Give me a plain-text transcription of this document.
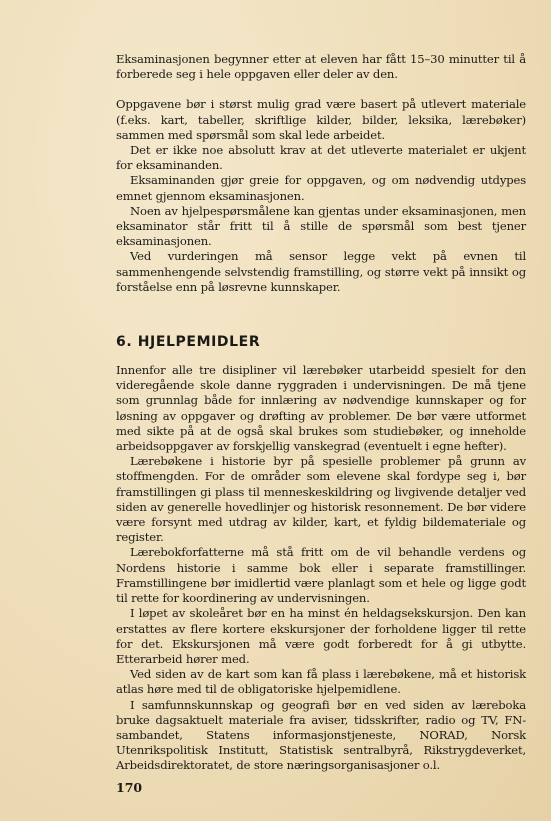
Eksaminasjonen begynner etter at eleven har fått 15–30 minutter til å forberede seg i hele oppgaven eller deler av den.

Oppgavene bør i størst mulig grad være basert på utlevert materiale (f.eks. kart, tabeller, skriftlige kilder, bilder, leksika, lærebøker) sammen med spørsmål som skal lede arbeidet.

Det er ikke noe absolutt krav at det utleverte materialet er ukjent for eksaminanden.

Eksaminanden gjør greie for oppgaven, og om nødvendig utdypes emnet gjennom eksaminasjonen.

Noen av hjelpespørsmålene kan gjentas under eksaminasjonen, men eksaminator står fritt til å stille de spørsmål som best tjener eksaminasjonen.

Ved vurderingen må sensor legge vekt på evnen til sammenhengende selvstendig framstilling, og større vekt på innsikt og forståelse enn på løsrevne kunnskaper.

6. HJELPEMIDLER

Innenfor alle tre disipliner vil lærebøker utarbeidd spesielt for den videregående skole danne ryggraden i undervisningen. De må tjene som grunnlag både for innlæring av nødvendige kunnskaper og for løsning av oppgaver og drøfting av problemer. De bør være utformet med sikte på at de også skal brukes som studiebøker, og inneholde arbeidsoppgaver av forskjellig vanskegrad (eventuelt i egne hefter).

Lærebøkene i historie byr på spesielle problemer på grunn av stoffmengden. For de områder som elevene skal fordype seg i, bør framstillingen gi plass til menneskeskildring og livgivende detaljer ved siden av generelle hovedlinjer og historisk resonnement. De bør videre være forsynt med utdrag av kilder, kart, et fyldig bildemateriale og register.

Lærebokforfatterne må stå fritt om de vil behandle verdens og Nordens historie i samme bok eller i separate framstillinger. Framstillingene bør imidlertid være planlagt som et hele og ligge godt til rette for koordinering av undervisningen.

I løpet av skoleåret bør en ha minst én heldagsekskursjon. Den kan erstattes av flere kortere ekskursjoner der forholdene ligger til rette for det. Ekskursjonen må være godt forberedt for å gi utbytte. Etterarbeid hører med.

Ved siden av de kart som kan få plass i lærebøkene, må et historisk atlas høre med til de obligatoriske hjelpemidlene.

I samfunnskunnskap og geografi bør en ved siden av læreboka bruke dagsaktuelt materiale fra aviser, tidsskrifter, radio og TV, FN-sambandet, Statens informasjonstjeneste, NORAD, Norsk Utenrikspolitisk Institutt, Statistisk sentralbyrå, Rikstrygdeverket, Arbeidsdirektoratet, de store næringsorganisasjoner o.l.

170
